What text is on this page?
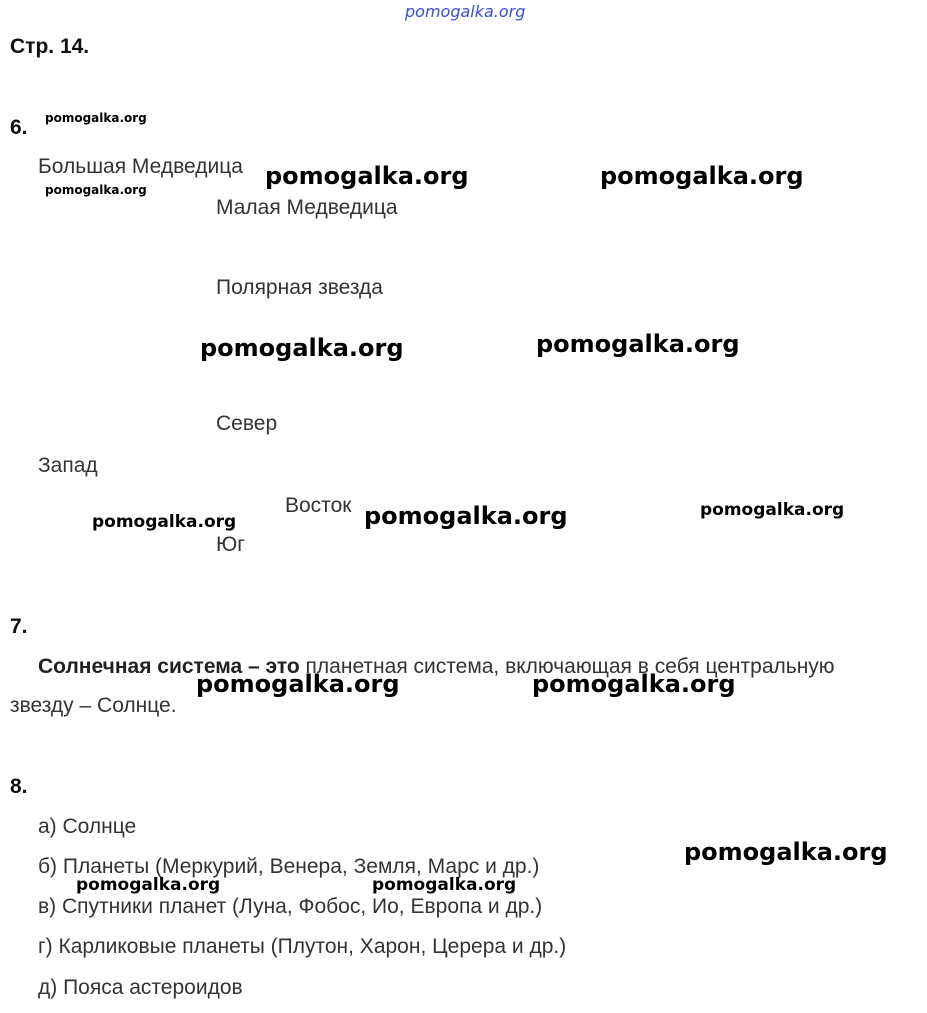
pomogalka.org
Стр. 14.
6. pomogalka.org
Большая Медведица
pomogalka.org	pomogalka.org	pomogalka.org
Малая Медведица
Полярная звезда
pomogalka.org	pomogalka.org
Север
Запад
Восток
Юг
pomogalka.org	pomogalka.org	pomogalka.org
7.
Солнечная система – это планетная система, включающая в себя центральную
звезду – Солнце.
pomogalka.org	pomogalka.org
8.
а) Солнце
б) Планеты (Меркурий, Венера, Земля, Марс и др.)
в) Спутники планет (Луна, Фобос, Ио, Европа и др.)
г) Карликовые планеты (Плутон, Харон, Церера и др.)
д) Пояса астероидов
pomogalka.org
pomogalka.org	pomogalka.org
